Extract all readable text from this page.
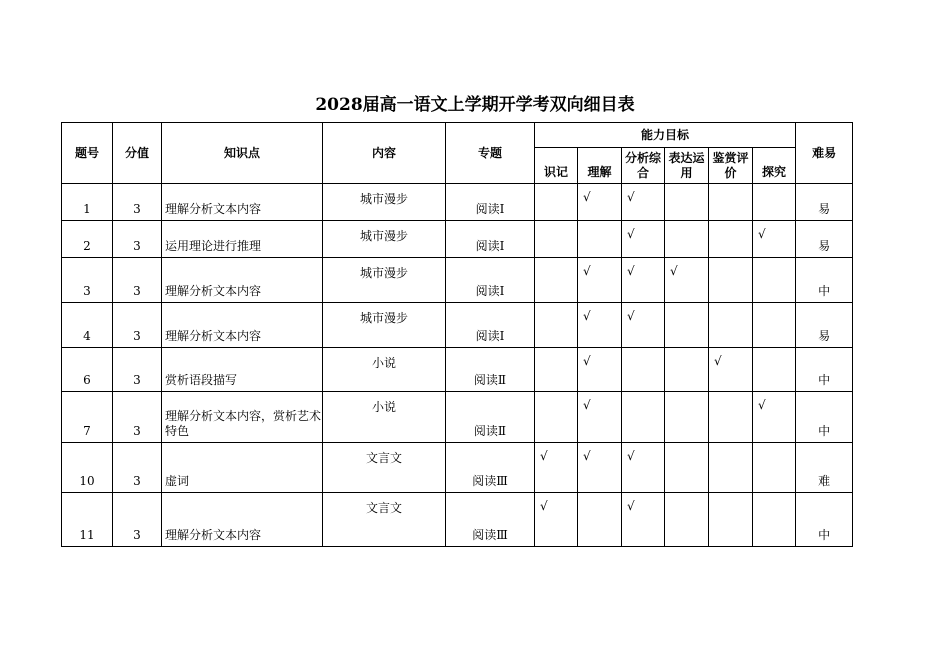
2028届高一语文上学期开学考双向细目表
题号	分值	知识点	内容	专题	能力目标						难易
					识记	理解	分析综合	表达运用	鉴赏评价	探究	
1	3	理解分析文本内容	城市漫步	阅读Ⅰ		√	√				易
2	3	运用理论进行推理	城市漫步	阅读Ⅰ			√			√	易
3	3	理解分析文本内容	城市漫步	阅读Ⅰ		√	√	√			中
4	3	理解分析文本内容	城市漫步	阅读Ⅰ		√	√				易
6	3	赏析语段描写	小说	阅读Ⅱ		√			√		中
7	3	理解分析文本内容，赏析艺术特色	小说	阅读Ⅱ		√				√	中
10	3	虚词	文言文	阅读Ⅲ	√	√	√				难
11	3	理解分析文本内容	文言文	阅读Ⅲ	√		√				中
